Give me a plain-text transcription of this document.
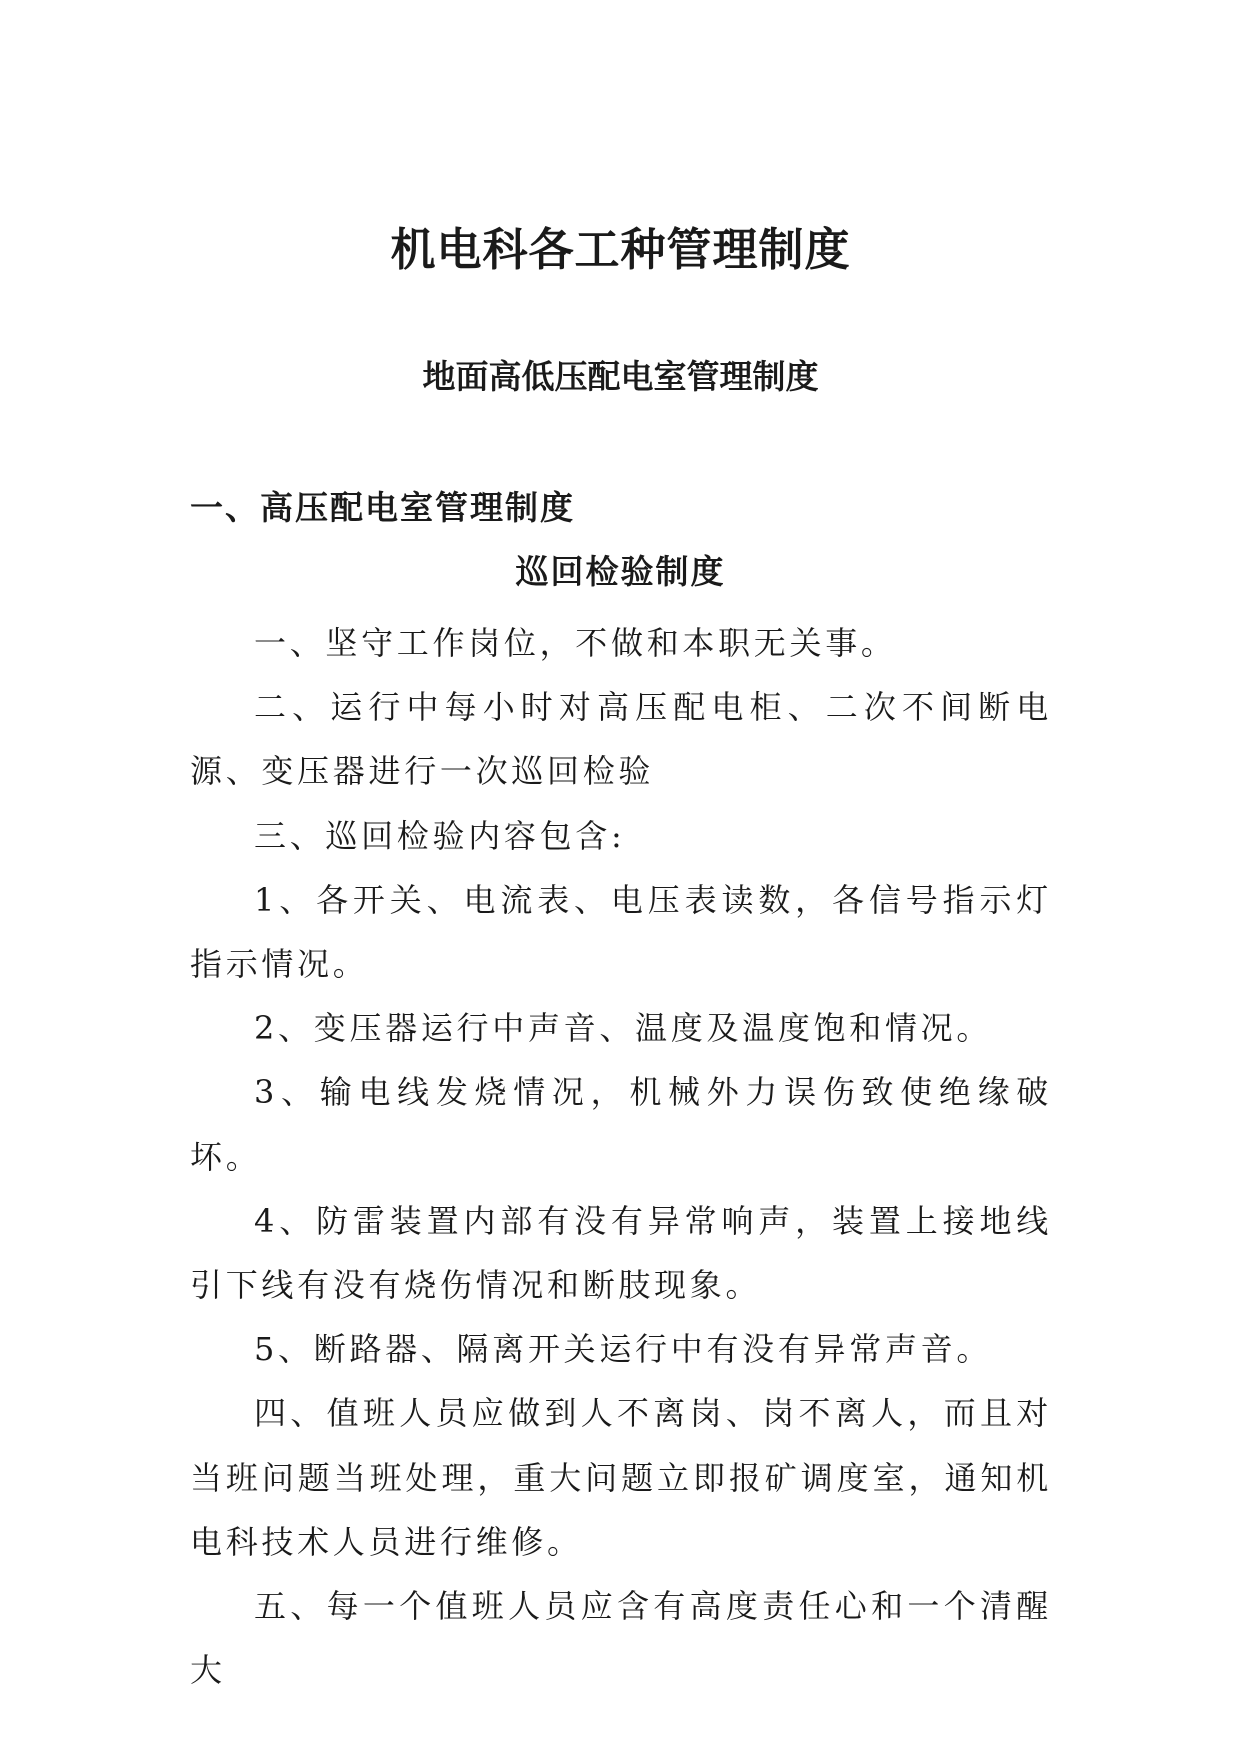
机电科各工种管理制度
地面高低压配电室管理制度
一、高压配电室管理制度
巡回检验制度

一、坚守工作岗位，不做和本职无关事。

二、运行中每小时对高压配电柜、二次不间断电源、变压器进行一次巡回检验

三、巡回检验内容包含:

1、各开关、电流表、电压表读数，各信号指示灯指示情况。

2、变压器运行中声音、温度及温度饱和情况。

3、输电线发烧情况，机械外力误伤致使绝缘破坏。

4、防雷装置内部有没有异常响声，装置上接地线引下线有没有烧伤情况和断肢现象。

5、断路器、隔离开关运行中有没有异常声音。

四、值班人员应做到人不离岗、岗不离人，而且对当班问题当班处理，重大问题立即报矿调度室，通知机电科技术人员进行维修。

五、每一个值班人员应含有高度责任心和一个清醒　大
